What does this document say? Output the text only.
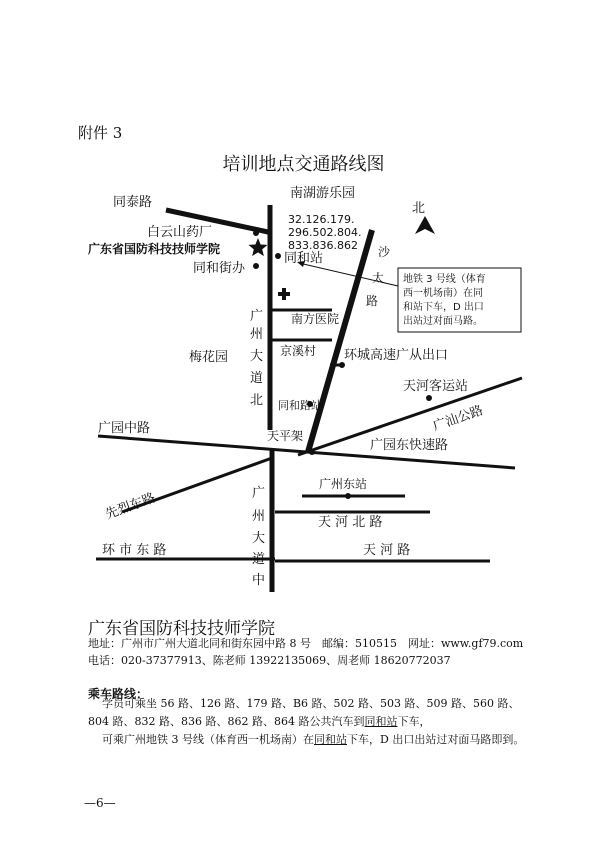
附件 3
培训地点交通路线图
北
南湖游乐园
同泰路
白云山药厂
广东省国防科技技师学院
同和街办
32.126.179.
296.502.804.
833.836.862
同和站
广
州
大
道
北
南方医院
梅花园	京溪村 环城高速广从出口
沙
太
路
天河客运站
同和路站	广汕公路
广园中路	天平架
广园东快速路
先烈东路
广州东站
天 河 北 路
广
州
大
道
中
环 市 东 路	天 河 路
地铁 3 号线（体育
西一机场南）在同
和站下车，D 出口
出站过对面马路。
广东省国防科技技师学院
地址：广州市广州大道北同和街东园中路 8 号　邮编：510515　网址：www.gf79.com
电话：020-37377913、陈老师 13922135069、周老师 18620772037
乘车路线：
学员可乘坐 56 路、126 路、179 路、B6 路、502 路、503 路、509 路、560 路、804 路、832 路、836 路、862 路、864 路公共汽车到同和站下车，
可乘广州地铁 3 号线（体育西一机场南）在同和站下车，D 出口出站过对面马路即到。
—6—
